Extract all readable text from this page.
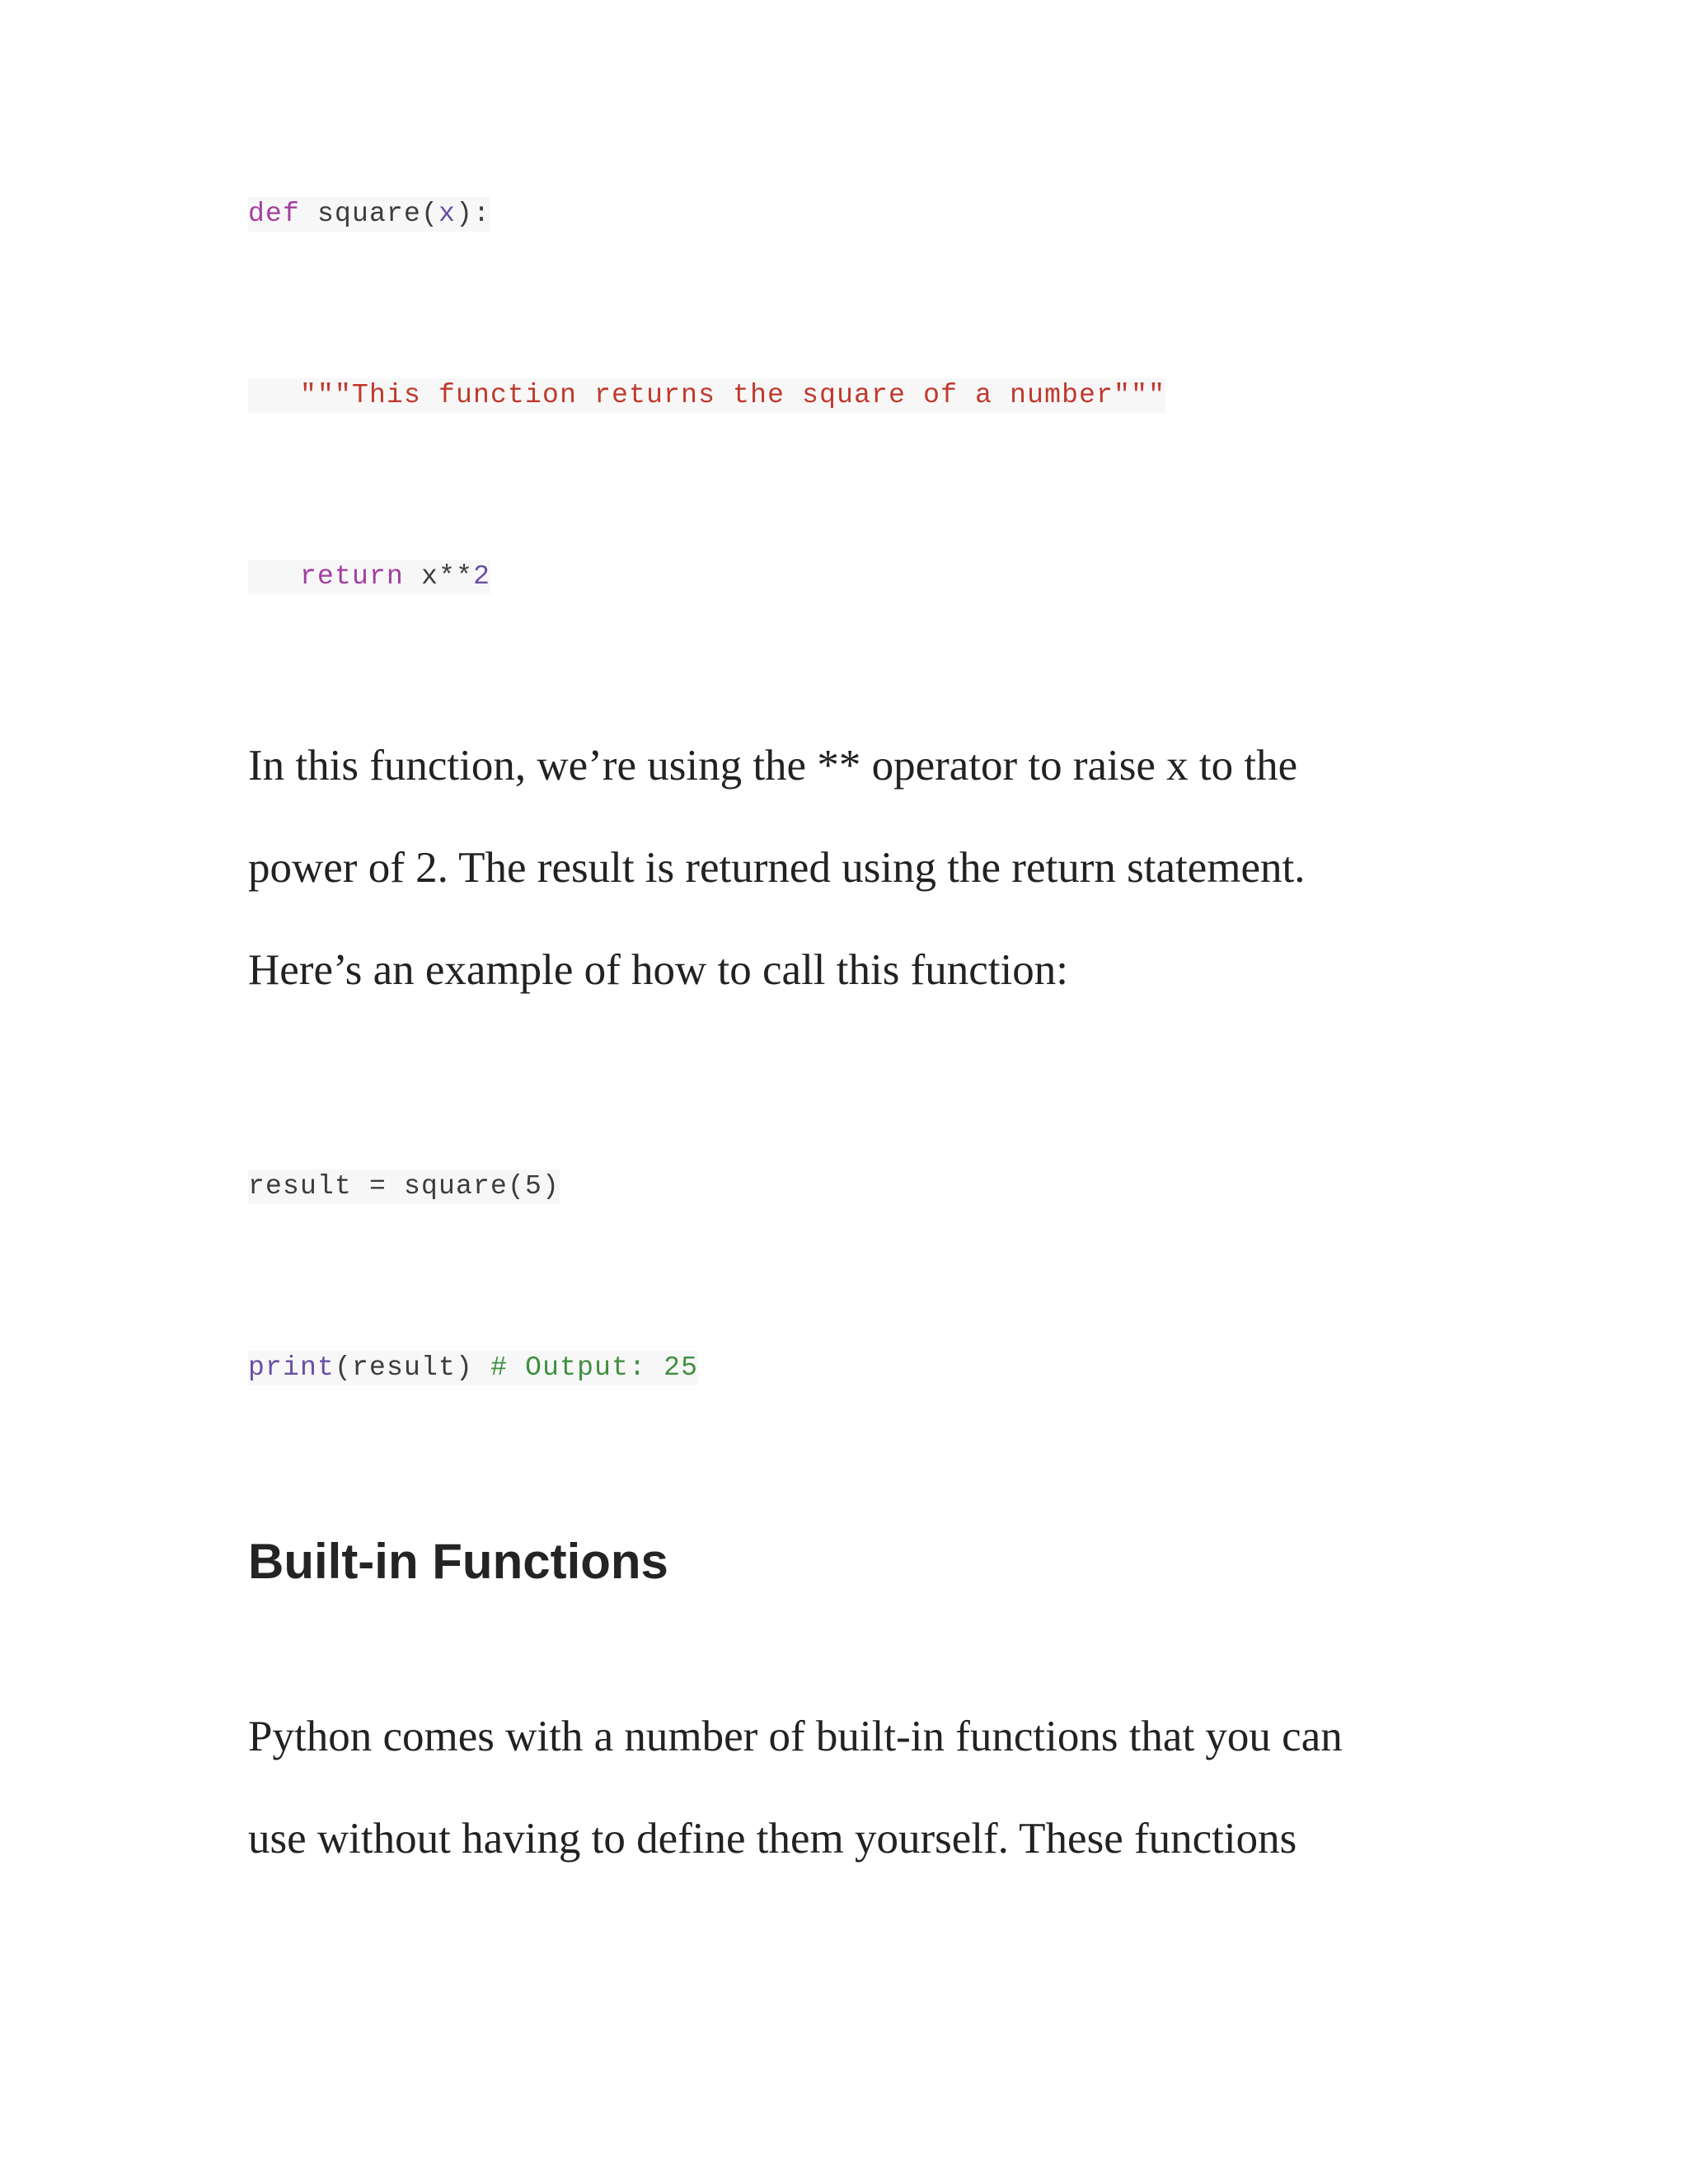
def square(x):
"""This function returns the square of a number"""
return x**2
In this function, we’re using the ** operator to raise x to the
power of 2. The result is returned using the return statement.
Here’s an example of how to call this function:
result = square(5)
print(result) # Output: 25
Built-in Functions
Python comes with a number of built-in functions that you can
use without having to define them yourself. These functions
